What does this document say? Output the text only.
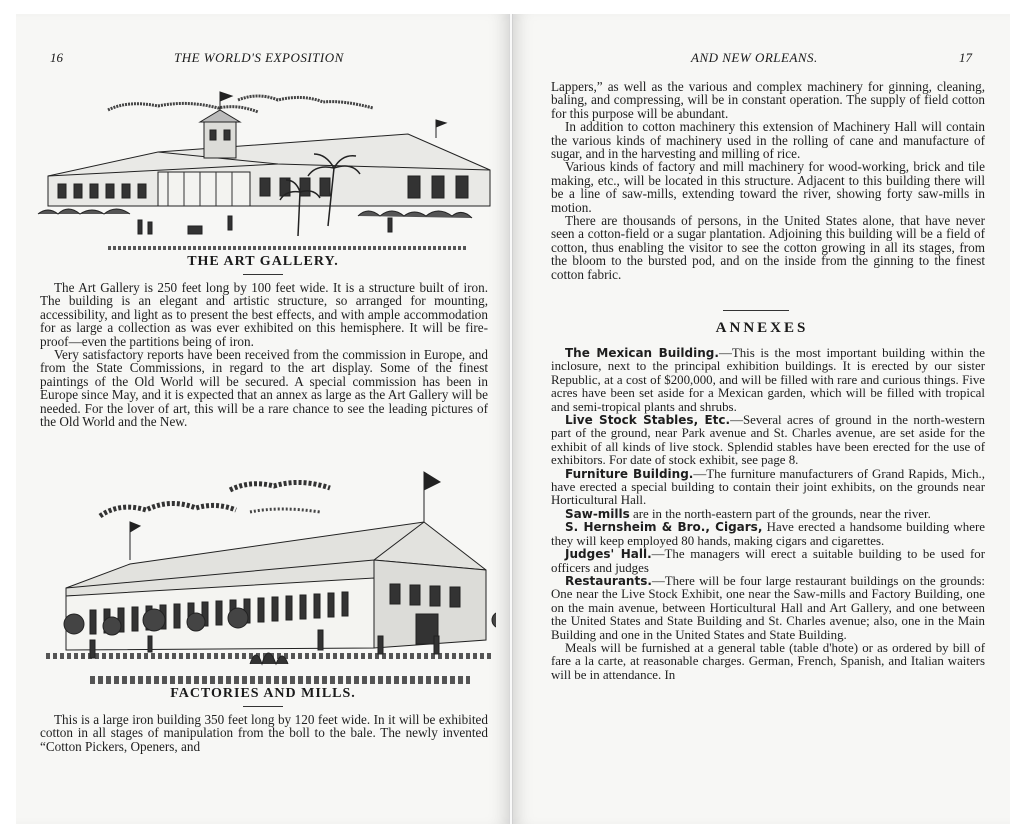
16	THE WORLD'S EXPOSITION
THE ART GALLERY.

The Art Gallery is 250 feet long by 100 feet wide. It is a structure built of iron. The building is an elegant and artistic structure, so arranged for mounting, accessibility, and light as to present the best effects, and with ample accommodation for as large a collection as was ever exhibited on this hemisphere. It will be fire-proof—even the partitions being of iron.

Very satisfactory reports have been received from the commission in Europe, and from the State Commissions, in regard to the art display. Some of the finest paintings of the Old World will be secured. A special commission has been in Europe since May, and it is expected that an annex as large as the Art Gallery will be needed. For the lover of art, this will be a rare chance to see the leading pictures of the Old World and the New.

FACTORIES AND MILLS.

This is a large iron building 350 feet long by 120 feet wide. In it will be exhibited cotton in all stages of manipulation from the boll to the bale. The newly invented “Cotton Pickers, Openers, and

AND NEW ORLEANS.	17

Lappers,” as well as the various and complex machinery for ginning, cleaning, baling, and compressing, will be in constant operation. The supply of field cotton for this purpose will be abundant.

In addition to cotton machinery this extension of Machinery Hall will contain the various kinds of machinery used in the rolling of cane and manufacture of sugar, and in the harvesting and milling of rice.

Various kinds of factory and mill machinery for wood-working, brick and tile making, etc., will be located in this structure. Adjacent to this building there will be a line of saw-mills, extending toward the river, showing forty saw-mills in motion.

There are thousands of persons, in the United States alone, that have never seen a cotton-field or a sugar plantation. Adjoining this building will be a field of cotton, thus enabling the visitor to see the cotton growing in all its stages, from the bloom to the bursted pod, and on the inside from the ginning to the finest cotton fabric.

ANNEXES

The Mexican Building.—This is the most important building within the inclosure, next to the principal exhibition buildings. It is erected by our sister Republic, at a cost of $200,000, and will be filled with rare and curious things. Five acres have been set aside for a Mexican garden, which will be filled with tropical and semi-tropical plants and shrubs.

Live Stock Stables, Etc.—Several acres of ground in the north-western part of the ground, near Park avenue and St. Charles avenue, are set aside for the exhibit of all kinds of live stock. Splendid stables have been erected for the use of exhibitors. For date of stock exhibit, see page 8.

Furniture Building.—The furniture manufacturers of Grand Rapids, Mich., have erected a special building to contain their joint exhibits, on the grounds near Horticultural Hall.

Saw-mills are in the north-eastern part of the grounds, near the river.

S. Hernsheim & Bro., Cigars, Have erected a handsome building where they will keep employed 80 hands, making cigars and cigarettes.

Judges' Hall.—The managers will erect a suitable building to be used for officers and judges

Restaurants.—There will be four large restaurant buildings on the grounds: One near the Live Stock Exhibit, one near the Saw-mills and Factory Building, one on the main avenue, between Horticultural Hall and Art Gallery, and one between the United States and State Building and St. Charles avenue; also, one in the Main Building and one in the United States and State Building.

Meals will be furnished at a general table (table d'hote) or as ordered by bill of fare a la carte, at reasonable charges. German, French, Spanish, and Italian waiters will be in attendance. In
